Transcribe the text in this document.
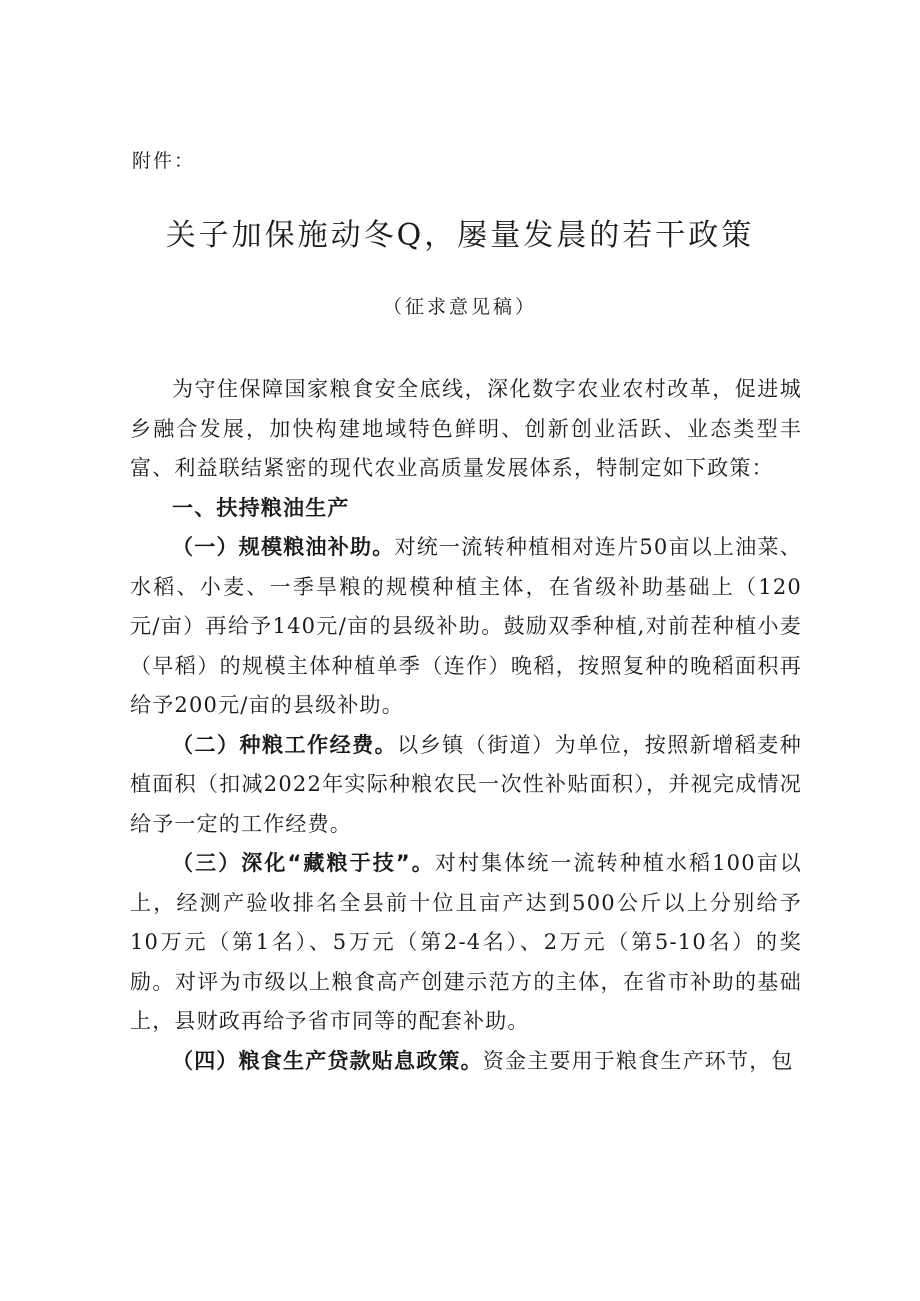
附件：
关子加保施动冬Q，屡量发晨的若干政策
（征求意见稿）

为守住保障国家粮食安全底线，深化数字农业农村改革，促进城乡融合发展，加快构建地域特色鲜明、创新创业活跃、业态类型丰富、利益联结紧密的现代农业高质量发展体系，特制定如下政策：

一、扶持粮油生产

（一）规模粮油补助。对统一流转种植相对连片50亩以上油菜、水稻、小麦、一季旱粮的规模种植主体，在省级补助基础上（120元/亩）再给予140元/亩的县级补助。鼓励双季种植,对前茬种植小麦（早稻）的规模主体种植单季（连作）晚稻，按照复种的晚稻面积再给予200元/亩的县级补助。

（二）种粮工作经费。以乡镇（街道）为单位，按照新增稻麦种植面积（扣减2022年实际种粮农民一次性补贴面积），并视完成情况给予一定的工作经费。

（三）深化“藏粮于技”。对村集体统一流转种植水稻100亩以上，经测产验收排名全县前十位且亩产达到500公斤以上分别给予10万元（第1名）、5万元（第2-4名）、2万元（第5-10名）的奖励。对评为市级以上粮食高产创建示范方的主体，在省市补助的基础上，县财政再给予省市同等的配套补助。

（四）粮食生产贷款贴息政策。资金主要用于粮食生产环节，包
